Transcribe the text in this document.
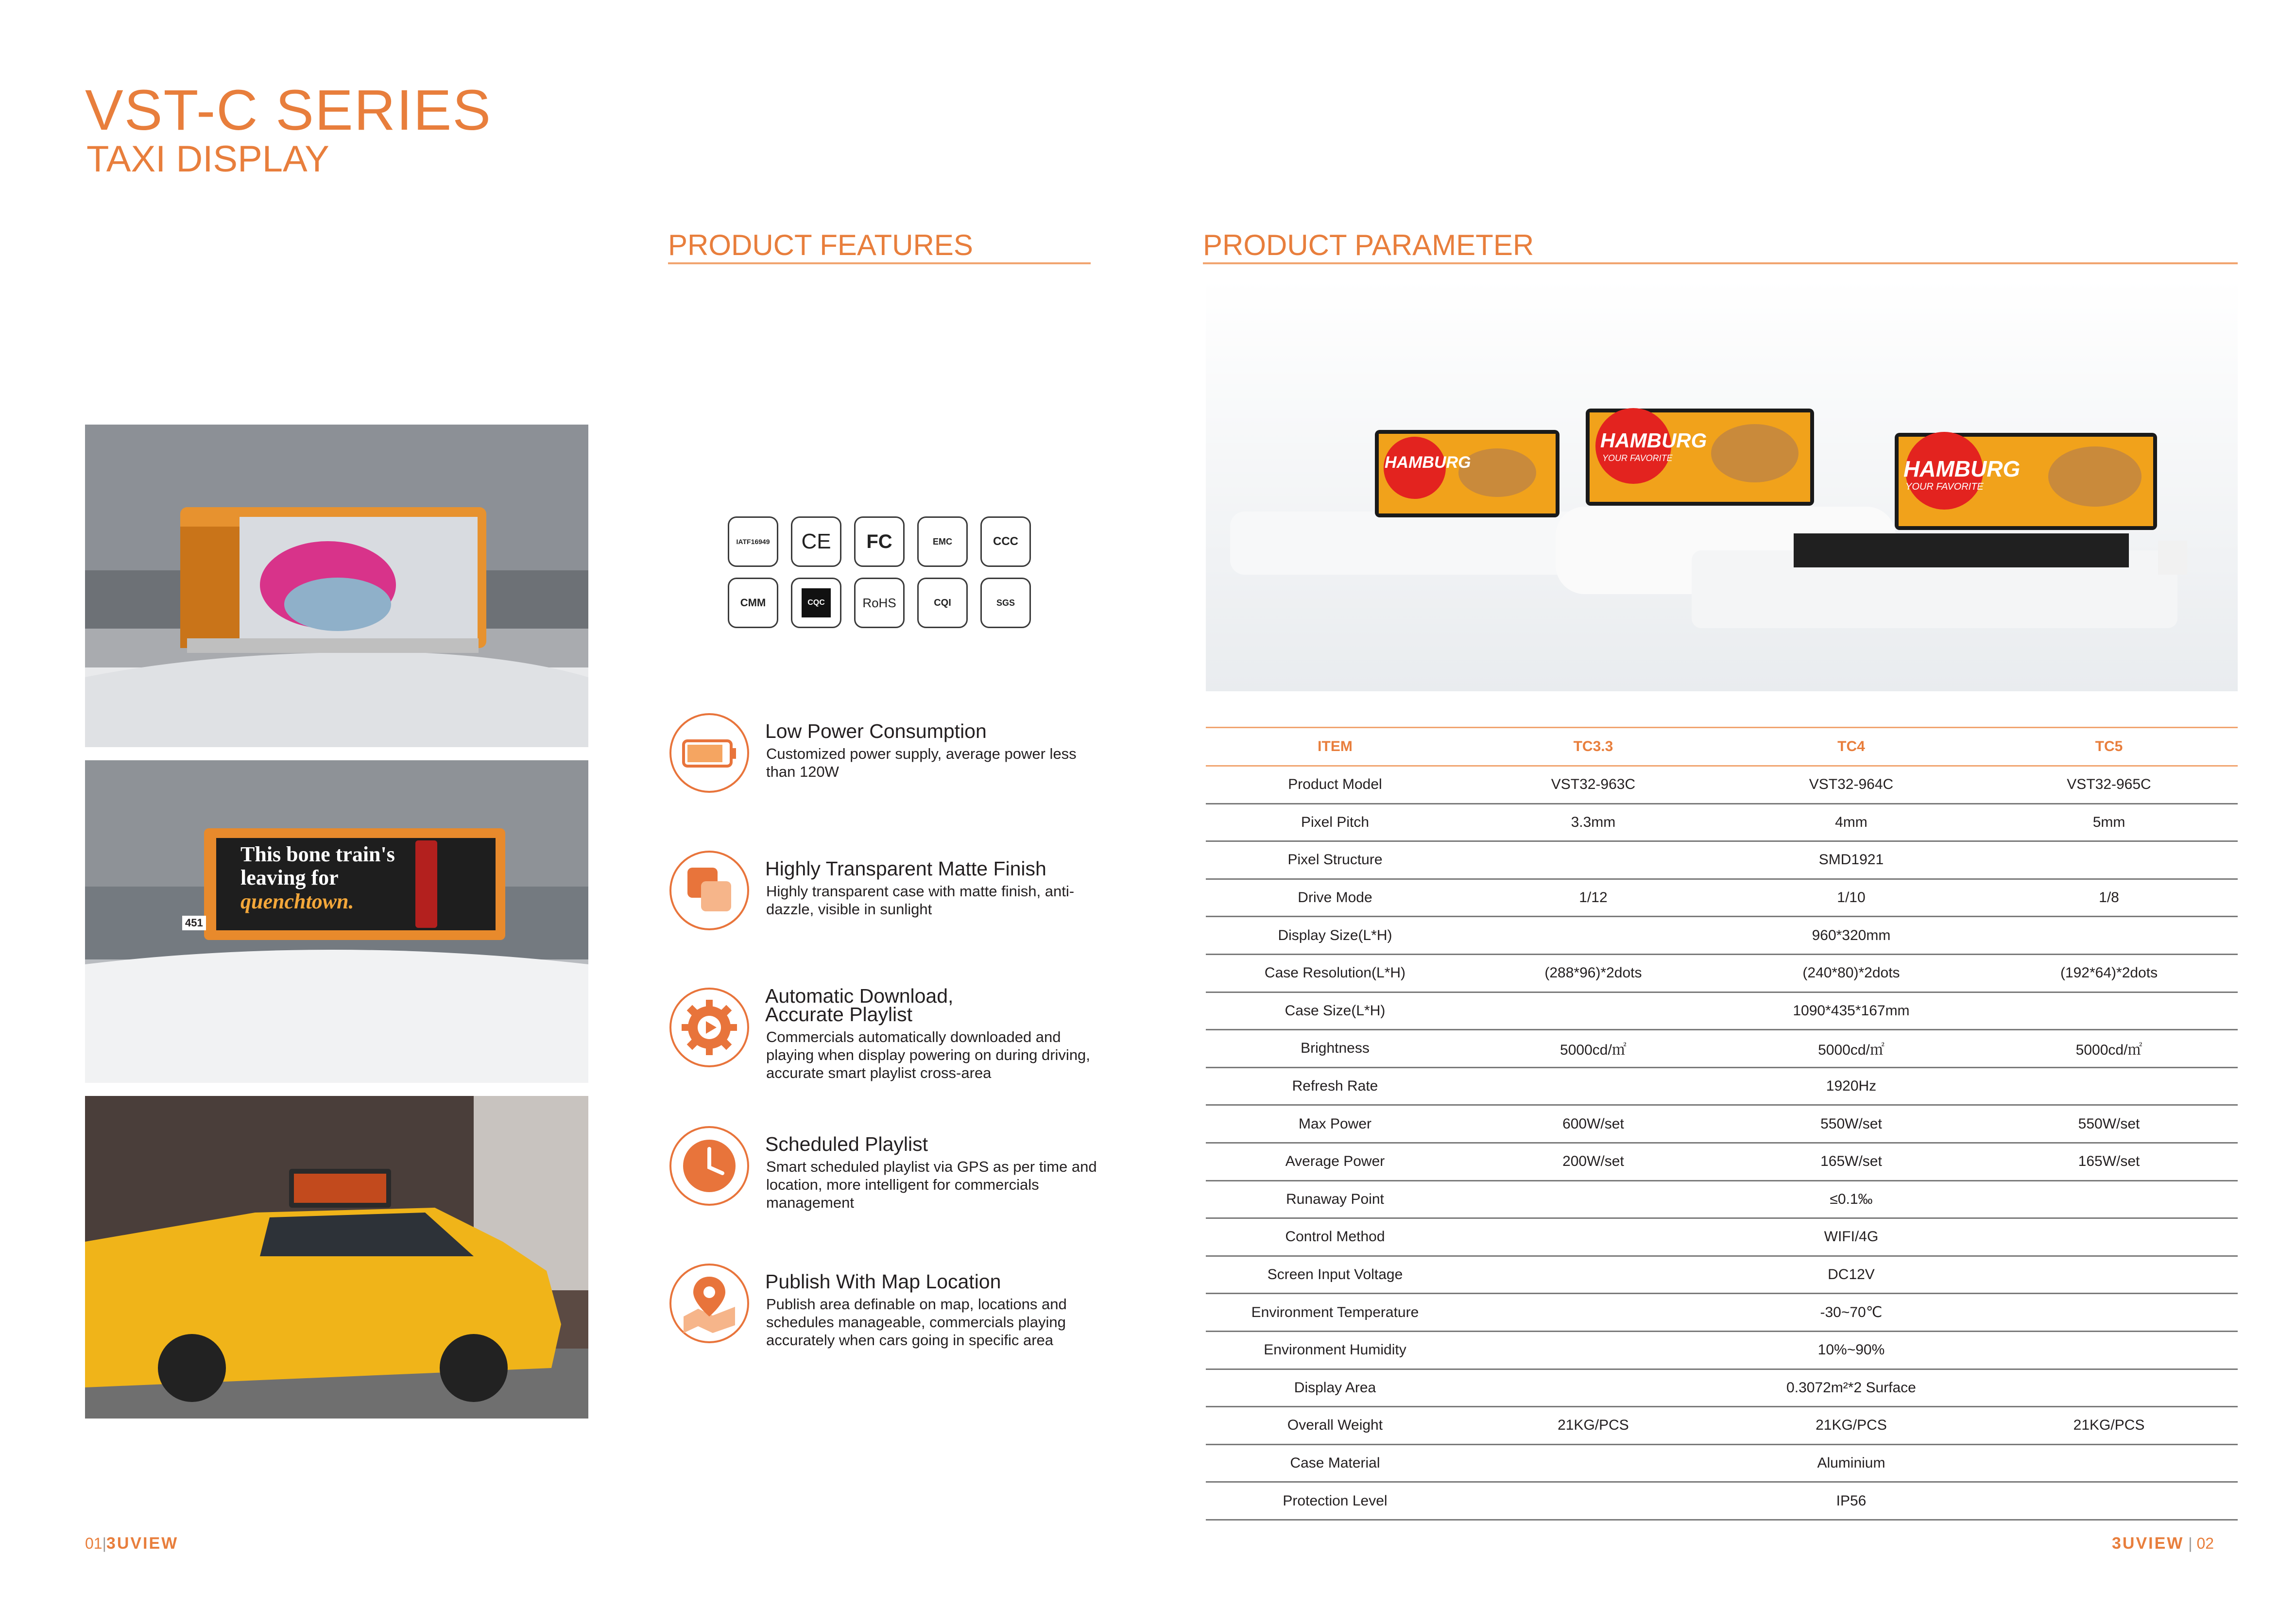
VST-C SERIES
TAXI DISPLAY
PRODUCT FEATURES	PRODUCT PARAMETER
This bone train's
leaving for
quenchtown.
451
HAMBURG
HAMBURG
YOUR FAVORITE	HAMBURG
YOUR FAVORITE
IATF16949	CE	FC	EMC	CCC
CMM	CQC	RoHS	CQI	SGS
Low Power Consumption
Customized power supply, average power less than 120W
Highly Transparent Matte Finish
Highly transparent case with matte finish, anti-dazzle, visible in sunlight
Automatic Download,
Accurate Playlist
Commercials automatically downloaded and playing when display powering on during driving, accurate smart playlist cross-area
Scheduled Playlist
Smart scheduled playlist via GPS as per time and location, more intelligent for commercials management
Publish With Map Location
Publish area definable on map, locations and schedules manageable, commercials playing accurately when cars going in specific area
ITEM	TC3.3	TC4	TC5
Product Model	VST32-963C	VST32-964C	VST32-965C
Pixel Pitch	3.3mm	4mm	5mm
Pixel Structure		SMD1921	
Drive Mode	1/12	1/10	1/8
Display Size(L*H)		960*320mm	
Case Resolution(L*H)	(288*96)*2dots	(240*80)*2dots	(192*64)*2dots
Case Size(L*H)		1090*435*167mm	
Brightness	5000cd/㎡	5000cd/㎡	5000cd/㎡
Refresh Rate		1920Hz	
Max Power	600W/set	550W/set	550W/set
Average Power	200W/set	165W/set	165W/set
Runaway Point		≤0.1‰	
Control Method		WIFI/4G	
Screen Input Voltage		DC12V	
Environment Temperature		-30~70℃	
Environment Humidity		10%~90%	
Display Area		0.3072m²*2 Surface	
Overall Weight	21KG/PCS	21KG/PCS	21KG/PCS
Case Material		Aluminium	
Protection Level		IP56	
01|3UVIEW	3UVIEW | 02
